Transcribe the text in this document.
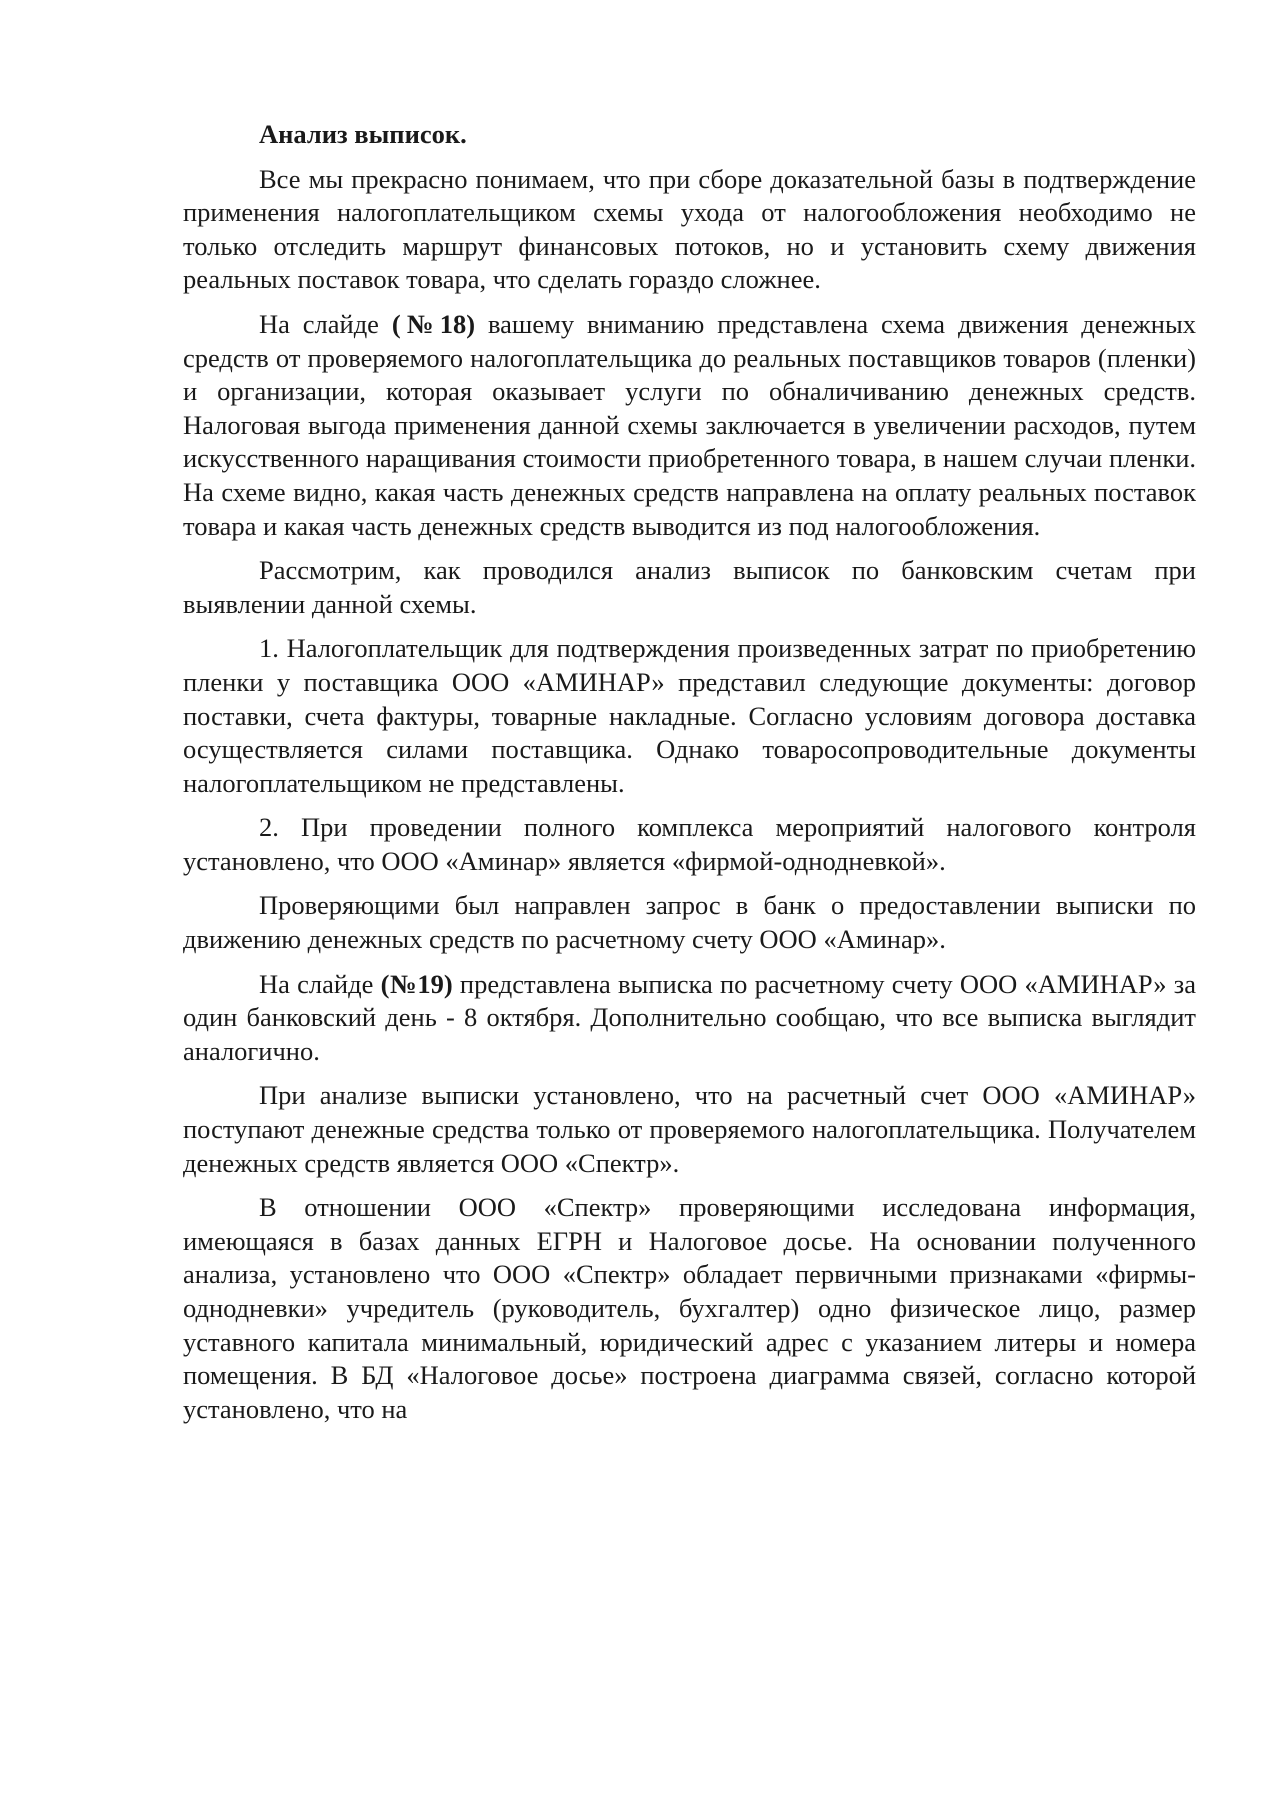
Анализ выписок.

Все мы прекрасно понимаем, что при сборе доказательной базы в подтверждение применения налогоплательщиком схемы ухода от налогообложения необходимо не только отследить маршрут финансовых потоков, но и установить схему движения реальных поставок товара, что сделать гораздо сложнее.

На слайде (№18) вашему вниманию представлена схема движения денежных средств от проверяемого налогоплательщика до реальных поставщиков товаров (пленки) и организации, которая оказывает услуги по обналичиванию денежных средств. Налоговая выгода применения данной схемы заключается в увеличении расходов, путем искусственного наращивания стоимости приобретенного товара, в нашем случаи пленки. На схеме видно, какая часть денежных средств направлена на оплату реальных поставок товара и какая часть денежных средств выводится из под налогообложения.

Рассмотрим, как проводился анализ выписок по банковским счетам при выявлении данной схемы.

1. Налогоплательщик для подтверждения произведенных затрат по приобретению пленки у поставщика ООО «АМИНАР» представил следующие документы: договор поставки, счета фактуры, товарные накладные. Согласно условиям договора доставка осуществляется силами поставщика. Однако товаросопроводительные документы налогоплательщиком не представлены.

2. При проведении полного комплекса мероприятий налогового контроля установлено, что ООО «Аминар» является «фирмой-однодневкой».

Проверяющими был направлен запрос в банк о предоставлении выписки по движению денежных средств по расчетному счету ООО «Аминар».

На слайде (№19) представлена выписка по расчетному счету ООО «АМИНАР» за один банковский день - 8 октября. Дополнительно сообщаю, что все выписка выглядит аналогично.

При анализе выписки установлено, что на расчетный счет ООО «АМИНАР» поступают денежные средства только от проверяемого налогоплательщика. Получателем денежных средств является ООО «Спектр».

В отношении ООО «Спектр» проверяющими исследована информация, имеющаяся в базах данных ЕГРН и Налоговое досье. На основании полученного анализа, установлено что ООО «Спектр» обладает первичными признаками «фирмы-однодневки» учредитель (руководитель, бухгалтер) одно физическое лицо, размер уставного капитала минимальный, юридический адрес с указанием литеры и номера помещения. В БД «Налоговое досье» построена диаграмма связей, согласно которой установлено, что на
